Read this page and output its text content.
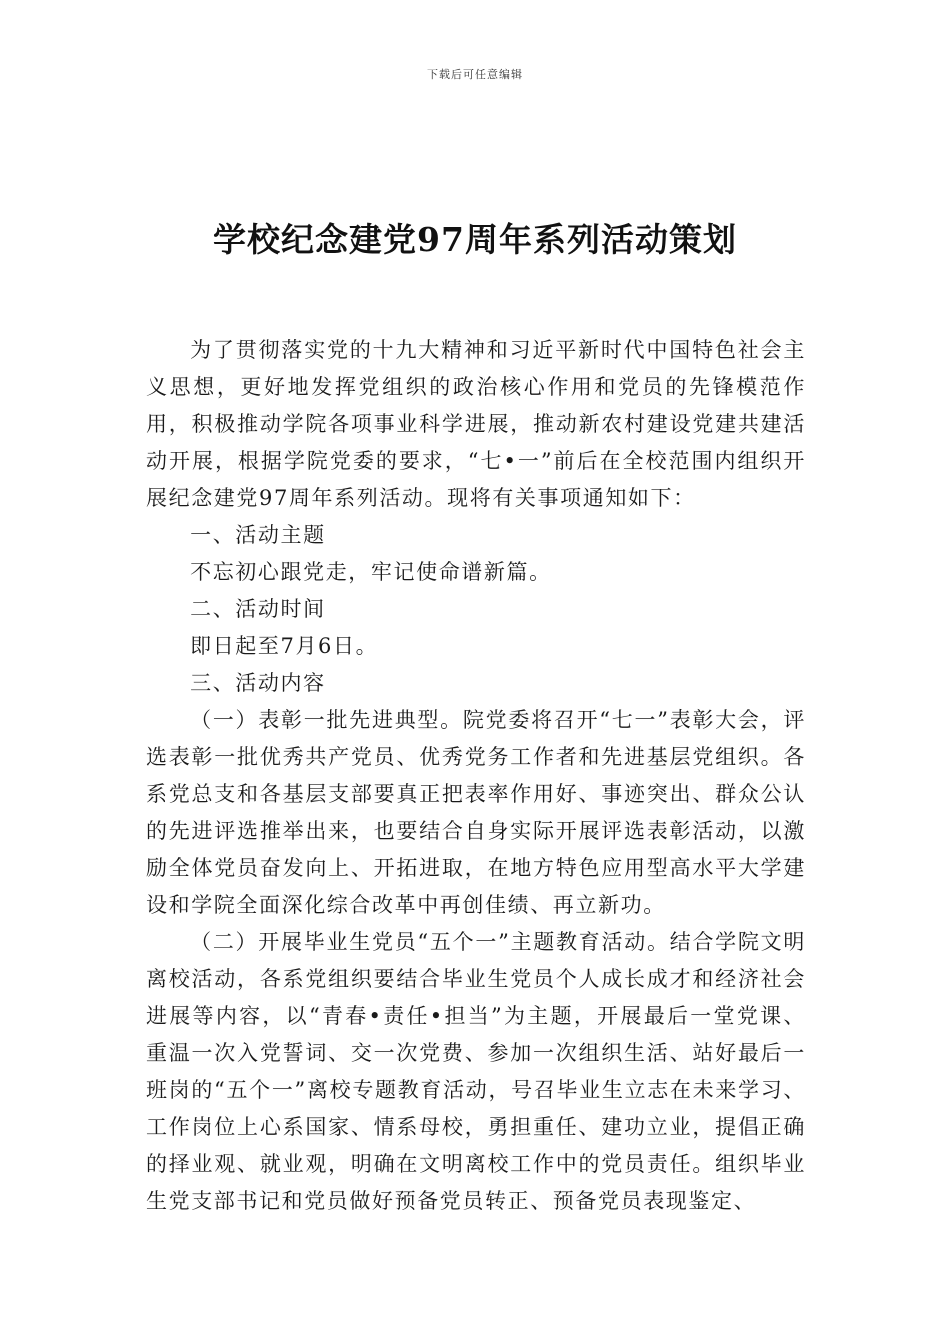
下载后可任意编辑
学校纪念建党97周年系列活动策划

为了贯彻落实党的十九大精神和习近平新时代中国特色社会主义思想，更好地发挥党组织的政治核心作用和党员的先锋模范作用，积极推动学院各项事业科学进展，推动新农村建设党建共建活动开展，根据学院党委的要求，“七•一”前后在全校范围内组织开展纪念建党97周年系列活动。现将有关事项通知如下：

一、活动主题

不忘初心跟党走，牢记使命谱新篇。

二、活动时间

即日起至7月6日。

三、活动内容

（一）表彰一批先进典型。院党委将召开“七一”表彰大会，评选表彰一批优秀共产党员、优秀党务工作者和先进基层党组织。各系党总支和各基层支部要真正把表率作用好、事迹突出、群众公认的先进评选推举出来，也要结合自身实际开展评选表彰活动，以激励全体党员奋发向上、开拓进取，在地方特色应用型高水平大学建设和学院全面深化综合改革中再创佳绩、再立新功。

（二）开展毕业生党员“五个一”主题教育活动。结合学院文明离校活动，各系党组织要结合毕业生党员个人成长成才和经济社会进展等内容，以“青春•责任•担当”为主题，开展最后一堂党课、重温一次入党誓词、交一次党费、参加一次组织生活、站好最后一班岗的“五个一”离校专题教育活动，号召毕业生立志在未来学习、工作岗位上心系国家、情系母校，勇担重任、建功立业，提倡正确的择业观、就业观，明确在文明离校工作中的党员责任。组织毕业生党支部书记和党员做好预备党员转正、预备党员表现鉴定、
